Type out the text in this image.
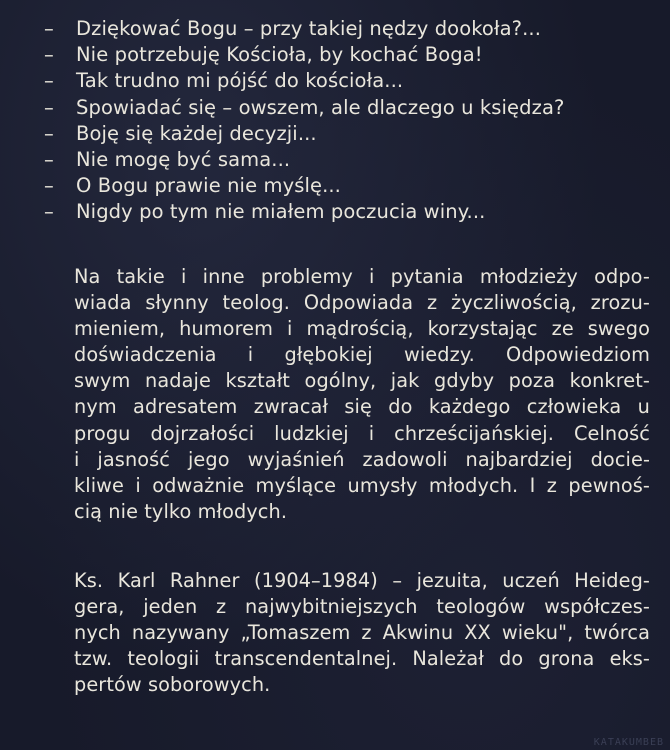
– Dziękować Bogu – przy takiej nędzy dookoła?...
– Nie potrzebuję Kościoła, by kochać Boga!
– Tak trudno mi pójść do kościoła...
– Spowiadać się – owszem, ale dlaczego u księdza?
– Boję się każdej decyzji...
– Nie mogę być sama...
– O Bogu prawie nie myślę...
– Nigdy po tym nie miałem poczucia winy...

Na takie i inne problemy i pytania młodzieży odpo-
wiada słynny teolog. Odpowiada z życzliwością, zrozu-
mieniem, humorem i mądrością, korzystając ze swego
doświadczenia i głębokiej wiedzy. Odpowiedziom
swym nadaje kształt ogólny, jak gdyby poza konkret-
nym adresatem zwracał się do każdego człowieka u
progu dojrzałości ludzkiej i chrześcijańskiej. Celność
i jasność jego wyjaśnień zadowoli najbardziej docie-
kliwe i odważnie myślące umysły młodych. I z pewnoś-
cią nie tylko młodych.

Ks. Karl Rahner (1904–1984) – jezuita, uczeń Heideg-
gera, jeden z najwybitniejszych teologów współczes-
nych nazywany „Tomaszem z Akwinu XX wieku", twórca
tzw. teologii transcendentalnej. Należał do grona eks-
pertów soborowych.

KATAKUMBEB
